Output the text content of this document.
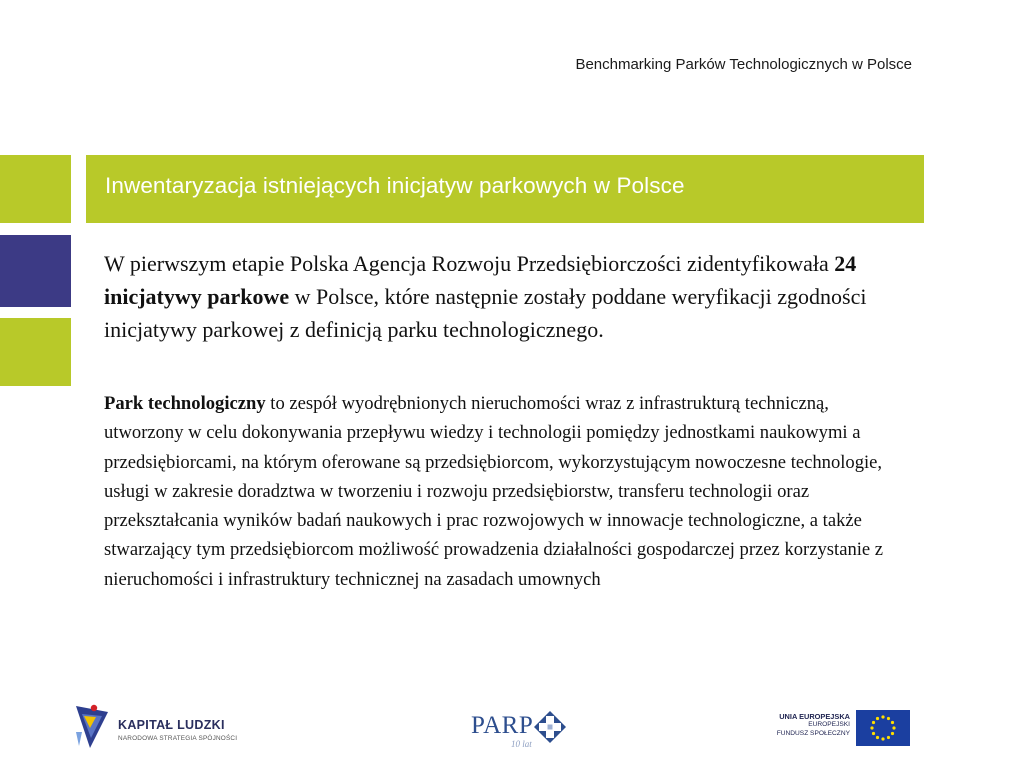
Benchmarking Parków Technologicznych w Polsce
Inwentaryzacja istniejących inicjatyw parkowych w Polsce

W pierwszym etapie Polska Agencja Rozwoju Przedsiębiorczości zidentyfikowała 24 inicjatywy parkowe w Polsce, które następnie zostały poddane weryfikacji zgodności inicjatywy parkowej z definicją parku technologicznego.

Park technologiczny to zespół wyodrębnionych nieruchomości wraz z infrastrukturą techniczną, utworzony w celu dokonywania przepływu wiedzy i technologii pomiędzy jednostkami naukowymi a przedsiębiorcami, na którym oferowane są przedsiębiorcom, wykorzystującym nowoczesne technologie, usługi w zakresie doradztwa w tworzeniu i rozwoju przedsiębiorstw, transferu technologii oraz przekształcania wyników badań naukowych i prac rozwojowych w innowacje technologiczne, a także stwarzający tym przedsiębiorcom możliwość prowadzenia działalności gospodarczej przez korzystanie z nieruchomości i infrastruktury technicznej na zasadach umownych

KAPITAŁ LUDZKI
NARODOWA STRATEGIA SPÓJNOŚCI	PARP
10 lat
UNIA EUROPEJSKA
EUROPEJSKI
FUNDUSZ SPOŁECZNY
